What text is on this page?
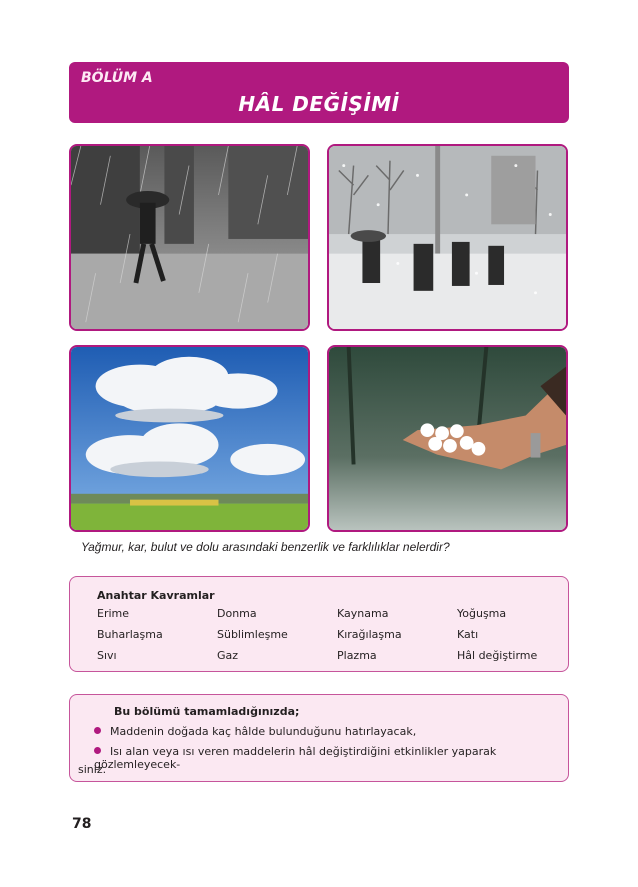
BÖLÜM A
HÂL DEĞİŞİMİ
Yağmur, kar, bulut ve dolu arasındaki benzerlik ve farklılıklar nelerdir?
Anahtar Kavramlar
Erime	Donma	Kaynama	Yoğuşma
Buharlaşma	Süblimleşme	Kırağılaşma	Katı
Sıvı	Gaz	Plazma	Hâl değiştirme
Bu bölümü tamamladığınızda;
Maddenin doğada kaç hâlde bulunduğunu hatırlayacak,
Isı alan veya ısı veren maddelerin hâl değiştirdiğini etkinlikler yaparak gözlemleyecek-
siniz.
78
